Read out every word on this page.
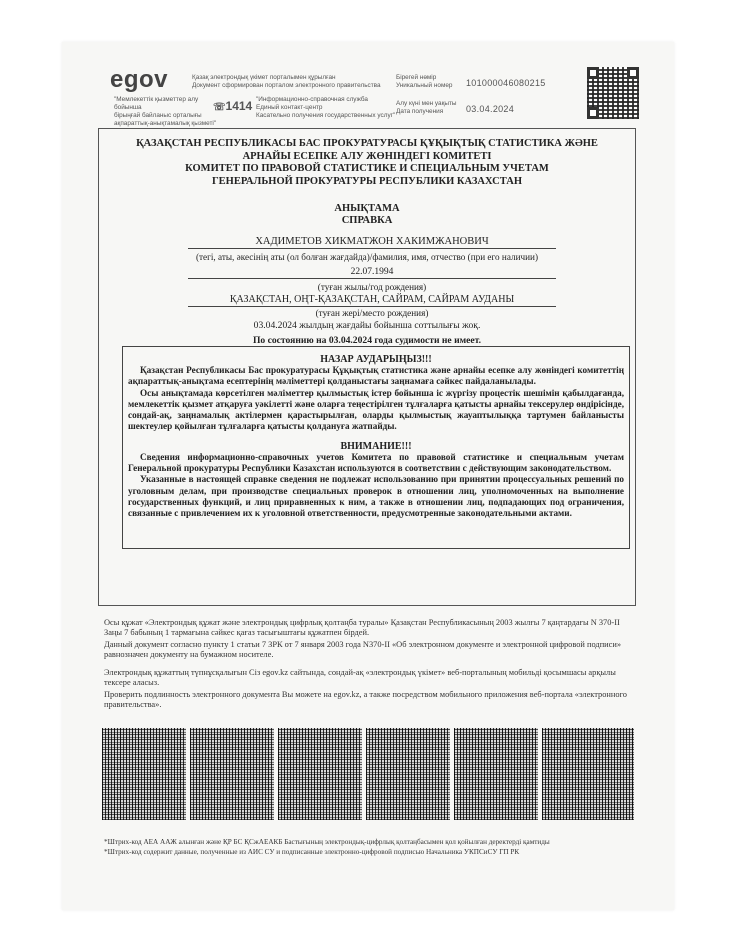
egov	Қазақ электрондық үкімет порталымен құрылған
Документ сформирован порталом электронного правительства
"Мемлекеттік қызметтер алу бойынша
бірыңғай байланыс орталығы
ақпараттық-анықтамалық қызметі"
☏1414 "Информационно-справочная служба
Единый контакт-центр
Касательно получения государственных услуг"
Бірегей нөмір
Уникальный номер	10100004608021​5
Алу күні мен уақыты
Дата получения	03.04.2024
ҚАЗАҚСТАН РЕСПУБЛИКАСЫ БАС ПРОКУРАТУРАСЫ ҚҰҚЫҚТЫҚ СТАТИСТИКА ЖӘНЕ
АРНАЙЫ ЕСЕПКЕ АЛУ ЖӨНІНДЕГІ КОМИТЕТІ
КОМИТЕТ ПО ПРАВОВОЙ СТАТИСТИКЕ И СПЕЦИАЛЬНЫМ УЧЕТАМ
ГЕНЕРАЛЬНОЙ ПРОКУРАТУРЫ РЕСПУБЛИКИ КАЗАХСТАН
АНЫҚТАМА
СПРАВКА
ХАДИМЕТОВ ХИКМАТЖОН ХАКИМЖАНОВИЧ
(тегі, аты, әкесінің аты (ол болған жағдайда)/фамилия, имя, отчество (при его наличии)
22.07.1994
(туған жылы/год рождения)
ҚАЗАҚСТАН, ОҢТ-ҚАЗАҚСТАН, САЙРАМ, САЙРАМ АУДАНЫ
(туған жері/место рождения)
03.04.2024 жылдың жағдайы бойынша соттылығы жоқ.
По состоянию на 03.04.2024 года судимости не имеет.
НАЗАР АУДАРЫҢЫЗ!!!
Қазақстан Республикасы Бас прокуратурасы Құқықтық статистика және арнайы есепке алу жөніндегі комитеттің ақпараттық-анықтама есептерінің мәліметтері қолданыстағы заңнамаға сәйкес пайдаланылады.
Осы анықтамада көрсетілген мәліметтер қылмыстық істер бойынша іс жүргізу процестік шешімін қабылдағанда, мемлекеттік қызмет атқаруға уәкілетті және оларға теңестірілген тұлғаларға қатысты арнайы тексерулер өндірісінде, сондай-ақ, заңнамалық актілермен қарастырылған, оларды қылмыстық жауаптылыққа тартумен байланысты шектеулер қойылған тұлғаларға қатысты қолдануға жатпайды.
ВНИМАНИЕ!!!
Сведения информационно-справочных учетов Комитета по правовой статистике и специальным учетам Генеральной прокуратуры Республики Казахстан используются в соответствии с действующим законодательством.
Указанные в настоящей справке сведения не подлежат использованию при принятии процессуальных решений по уголовным делам, при производстве специальных проверок в отношении лиц, уполномоченных на выполнение государственных функций, и лиц приравненных к ним, а также в отношении лиц, подпадающих под ограничения, связанные с привлечением их к уголовной ответственности, предусмотренные законодательными актами.
Осы құжат «Электрондық құжат және электрондық цифрлық қолтаңба туралы» Қазақстан Республикасының 2003 жылғы 7 қаңтардағы N 370-II Заңы 7 бабының 1 тармағына сәйкес қағаз тасығыштағы құжатпен бірдей.
Данный документ согласно пункту 1 статьи 7 ЗРК от 7 января 2003 года N370-II «Об электронном документе и электронной цифровой подписи» равнозначен документу на бумажном носителе.
Электрондық құжаттың түпнұсқалығын Сіз egov.kz сайтында, сондай-ақ «электрондық үкімет» веб-порталының мобильді қосымшасы арқылы тексере аласыз.
Проверить подлинность электронного документа Вы можете на egov.kz, а также посредством мобильного приложения веб-портала «электронного правительства».
*Штрих-код АЕА ААЖ алынған және ҚР БС ҚСжАЕАКБ Бастығының электрондық-цифрлық қолтаңбасымен қол қойылған деректерді қамтиды
*Штрих-код содержит данные, полученные из АИС СУ и подписанные электронно-цифровой подписью Начальника УКПСиСУ ГП РК
